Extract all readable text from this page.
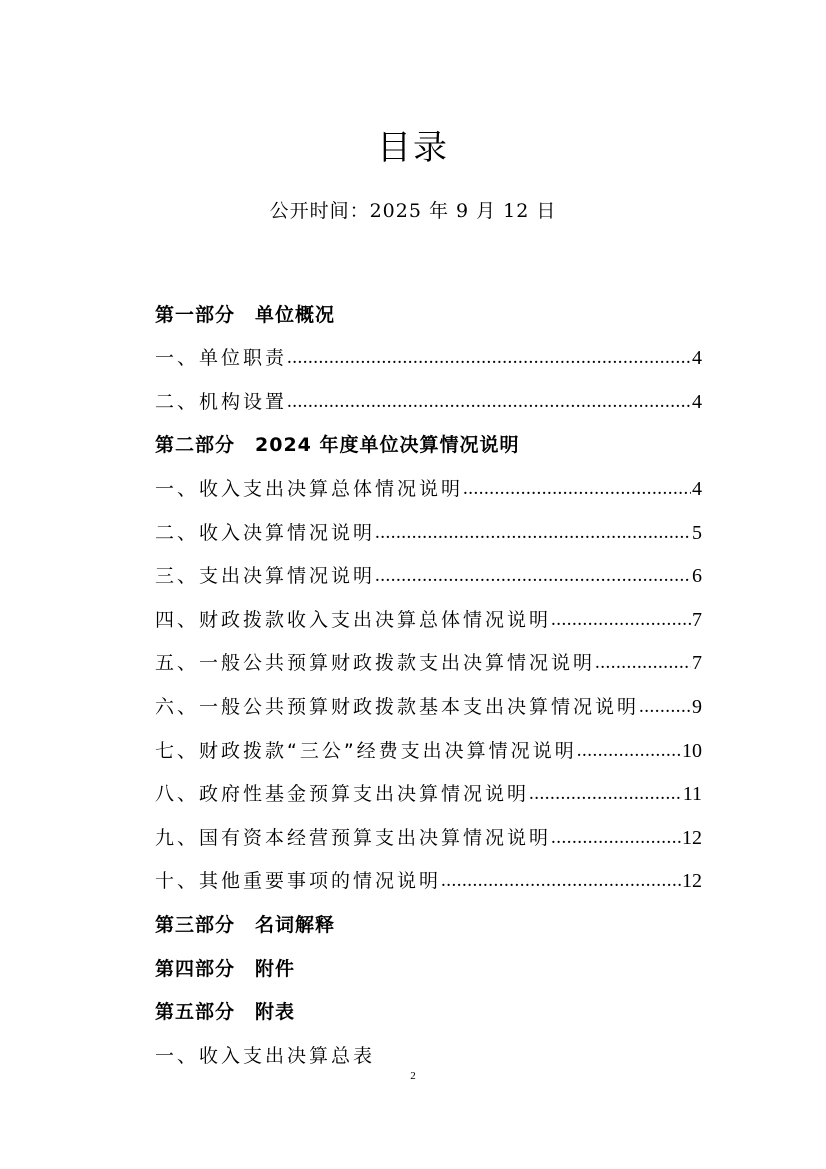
目录
公开时间：2025 年 9 月 12 日
第一部分　单位概况
一、单位职责 .....	4
二、机构设置 .....	4
第二部分　2024 年度单位决算情况说明
一、收入支出决算总体情况说明 .....	4
二、收入决算情况说明 .....	5
三、支出决算情况说明 .....	6
四、财政拨款收入支出决算总体情况说明 .....	7
五、一般公共预算财政拨款支出决算情况说明 .....	7
六、一般公共预算财政拨款基本支出决算情况说明 .....	9
七、财政拨款“三公”经费支出决算情况说明 .....	10
八、政府性基金预算支出决算情况说明 .....	11
九、国有资本经营预算支出决算情况说明 .....	12
十、其他重要事项的情况说明 .....	12
第三部分　名词解释
第四部分　附件
第五部分　附表
一、收入支出决算总表
2
